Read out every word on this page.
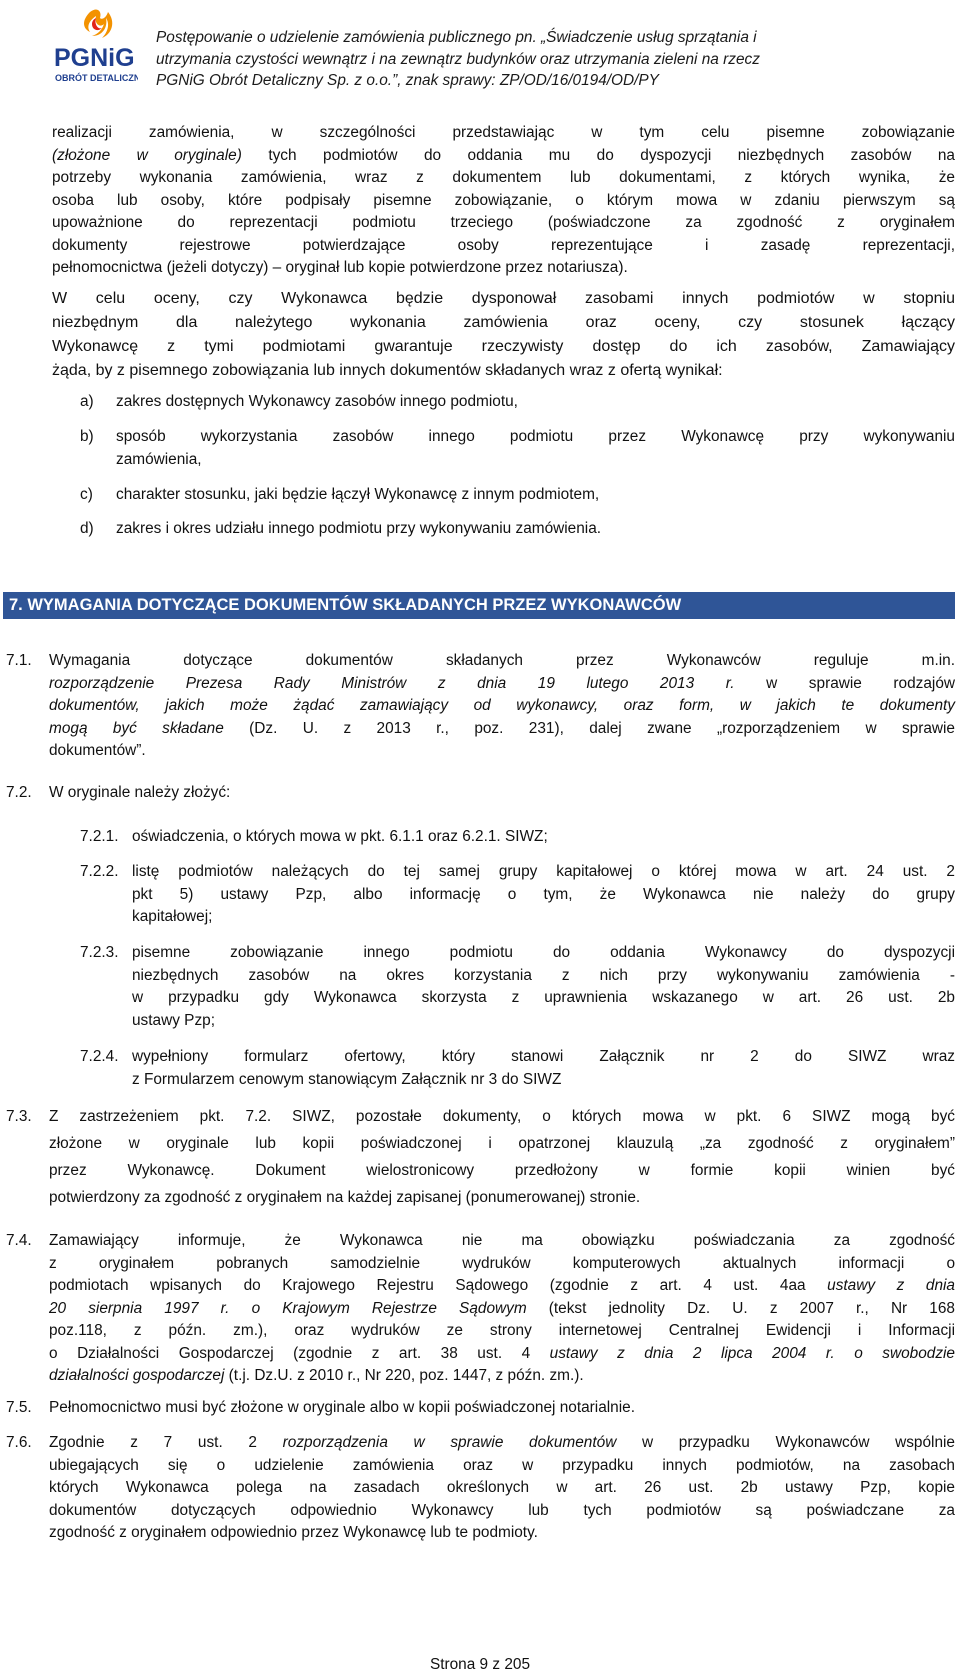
PGNiG
OBRÓT DETALICZNY
Postępowanie o udzielenie zamówienia publicznego pn. „Świadczenie usług sprzątania i
utrzymania czystości wewnątrz i na zewnątrz budynków oraz utrzymania zieleni na rzecz
PGNiG Obrót Detaliczny Sp. z o.o.”, znak sprawy: ZP/OD/16/0194/OD/PY
realizacji zamówienia, w szczególności przedstawiając w tym celu pisemne zobowiązanie
(złożone w oryginale) tych podmiotów do oddania mu do dyspozycji niezbędnych zasobów na
potrzeby wykonania zamówienia, wraz z dokumentem lub dokumentami, z których wynika, że
osoba lub osoby, które podpisały pisemne zobowiązanie, o którym mowa w zdaniu pierwszym są
upoważnione do reprezentacji podmiotu trzeciego (poświadczone za zgodność z oryginałem
dokumenty rejestrowe potwierdzające osoby reprezentujące i zasadę reprezentacji,
pełnomocnictwa (jeżeli dotyczy) – oryginał lub kopie potwierdzone przez notariusza).
W celu oceny, czy Wykonawca będzie dysponował zasobami innych podmiotów w stopniu
niezbędnym dla należytego wykonania zamówienia oraz oceny, czy stosunek łączący
Wykonawcę z tymi podmiotami gwarantuje rzeczywisty dostęp do ich zasobów, Zamawiający
żąda, by z pisemnego zobowiązania lub innych dokumentów składanych wraz z ofertą wynikał:
a) zakres dostępnych Wykonawcy zasobów innego podmiotu,
b) sposób wykorzystania zasobów innego podmiotu przez Wykonawcę przy wykonywaniu
zamówienia,
c) charakter stosunku, jaki będzie łączył Wykonawcę z innym podmiotem,
d) zakres i okres udziału innego podmiotu przy wykonywaniu zamówienia.
7. WYMAGANIA DOTYCZĄCE DOKUMENTÓW SKŁADANYCH PRZEZ WYKONAWCÓW
7.1. Wymagania dotyczące dokumentów składanych przez Wykonawców reguluje m.in.
rozporządzenie Prezesa Rady Ministrów z dnia 19 lutego 2013 r. w sprawie rodzajów
dokumentów, jakich może żądać zamawiający od wykonawcy, oraz form, w jakich te dokumenty
mogą być składane (Dz. U. z 2013 r., poz. 231), dalej zwane „rozporządzeniem w sprawie
dokumentów”.
7.2. W oryginale należy złożyć:
7.2.1. oświadczenia, o których mowa w pkt. 6.1.1 oraz 6.2.1. SIWZ;
7.2.2. listę podmiotów należących do tej samej grupy kapitałowej o której mowa w art. 24 ust. 2
pkt 5) ustawy Pzp, albo informację o tym, że Wykonawca nie należy do grupy
kapitałowej;
7.2.3. pisemne zobowiązanie innego podmiotu do oddania Wykonawcy do dyspozycji
niezbędnych zasobów na okres korzystania z nich przy wykonywaniu zamówienia -
w przypadku gdy Wykonawca skorzysta z uprawnienia wskazanego w art. 26 ust. 2b
ustawy Pzp;
7.2.4. wypełniony formularz ofertowy, który stanowi Załącznik nr 2 do SIWZ wraz
z Formularzem cenowym stanowiącym Załącznik nr 3 do SIWZ
7.3. Z zastrzeżeniem pkt. 7.2. SIWZ, pozostałe dokumenty, o których mowa w pkt. 6 SIWZ mogą być
złożone w oryginale lub kopii poświadczonej i opatrzonej klauzulą „za zgodność z oryginałem”
przez Wykonawcę. Dokument wielostronicowy przedłożony w formie kopii winien być
potwierdzony za zgodność z oryginałem na każdej zapisanej (ponumerowanej) stronie.
7.4. Zamawiający informuje, że Wykonawca nie ma obowiązku poświadczania za zgodność
z oryginałem pobranych samodzielnie wydruków komputerowych aktualnych informacji o
podmiotach wpisanych do Krajowego Rejestru Sądowego (zgodnie z art. 4 ust. 4aa ustawy z dnia
20 sierpnia 1997 r. o Krajowym Rejestrze Sądowym (tekst jednolity Dz. U. z 2007 r., Nr 168
poz.118, z późn. zm.), oraz wydruków ze strony internetowej Centralnej Ewidencji i Informacji
o Działalności Gospodarczej (zgodnie z art. 38 ust. 4 ustawy z dnia 2 lipca 2004 r. o swobodzie
działalności gospodarczej (t.j. Dz.U. z 2010 r., Nr 220, poz. 1447, z późn. zm.).
7.5. Pełnomocnictwo musi być złożone w oryginale albo w kopii poświadczonej notarialnie.
7.6. Zgodnie z 7 ust. 2 rozporządzenia w sprawie dokumentów w przypadku Wykonawców wspólnie
ubiegających się o udzielenie zamówienia oraz w przypadku innych podmiotów, na zasobach
których Wykonawca polega na zasadach określonych w art. 26 ust. 2b ustawy Pzp, kopie
dokumentów dotyczących odpowiednio Wykonawcy lub tych podmiotów są poświadczane za
zgodność z oryginałem odpowiednio przez Wykonawcę lub te podmioty.
Strona 9 z 205
